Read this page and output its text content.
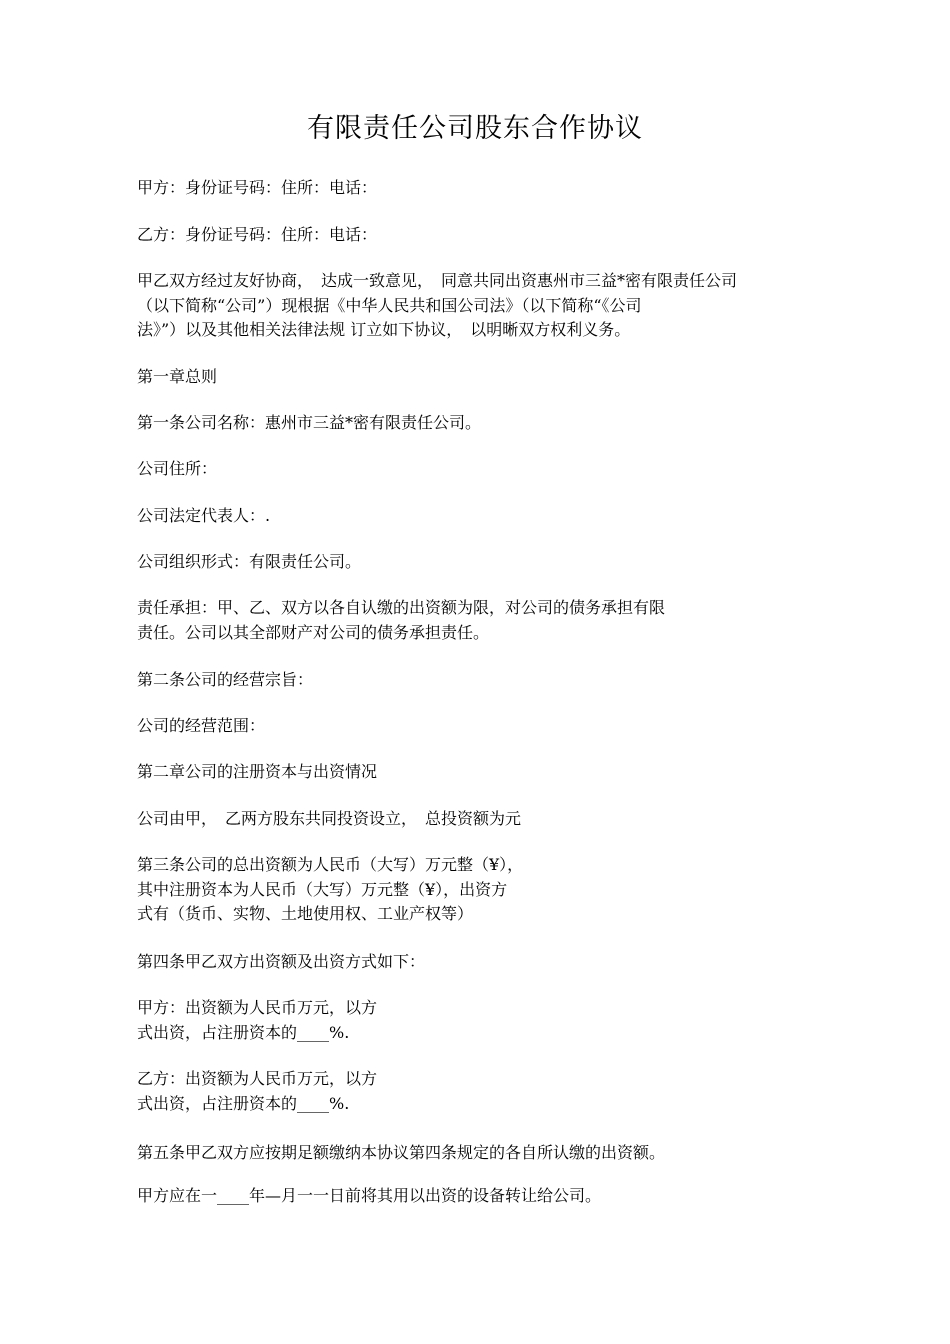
有限责任公司股东合作协议
甲方：身份证号码：住所：电话：
乙方：身份证号码：住所：电话：
甲乙双方经过友好协商，　达成一致意见，　同意共同出资惠州市三益*密有限责任公司
（以下简称“公司”）现根据《中华人民共和国公司法》（以下简称“《公司
法》”）以及其他相关法律法规 订立如下协议，　以明晰双方权利义务。
第一章总则
第一条公司名称：惠州市三益*密有限责任公司。
公司住所：
公司法定代表人：.
公司组织形式：有限责任公司。
责任承担：甲、乙、双方以各自认缴的出资额为限，对公司的债务承担有限
责任。公司以其全部财产对公司的债务承担责任。
第二条公司的经营宗旨：
公司的经营范围：
第二章公司的注册资本与出资情况
公司由甲，　乙两方股东共同投资设立，　总投资额为元
第三条公司的总出资额为人民币（大写）万元整（¥），
其中注册资本为人民币（大写）万元整（¥），出资方
式有（货币、实物、土地使用权、工业产权等）
第四条甲乙双方出资额及出资方式如下：
甲方：出资额为人民币万元，以方
式出资，占注册资本的____%.
乙方：出资额为人民币万元，以方
式出资，占注册资本的____%.
第五条甲乙双方应按期足额缴纳本协议第四条规定的各自所认缴的出资额。
甲方应在一____年—月一一日前将其用以出资的设备转让给公司。
